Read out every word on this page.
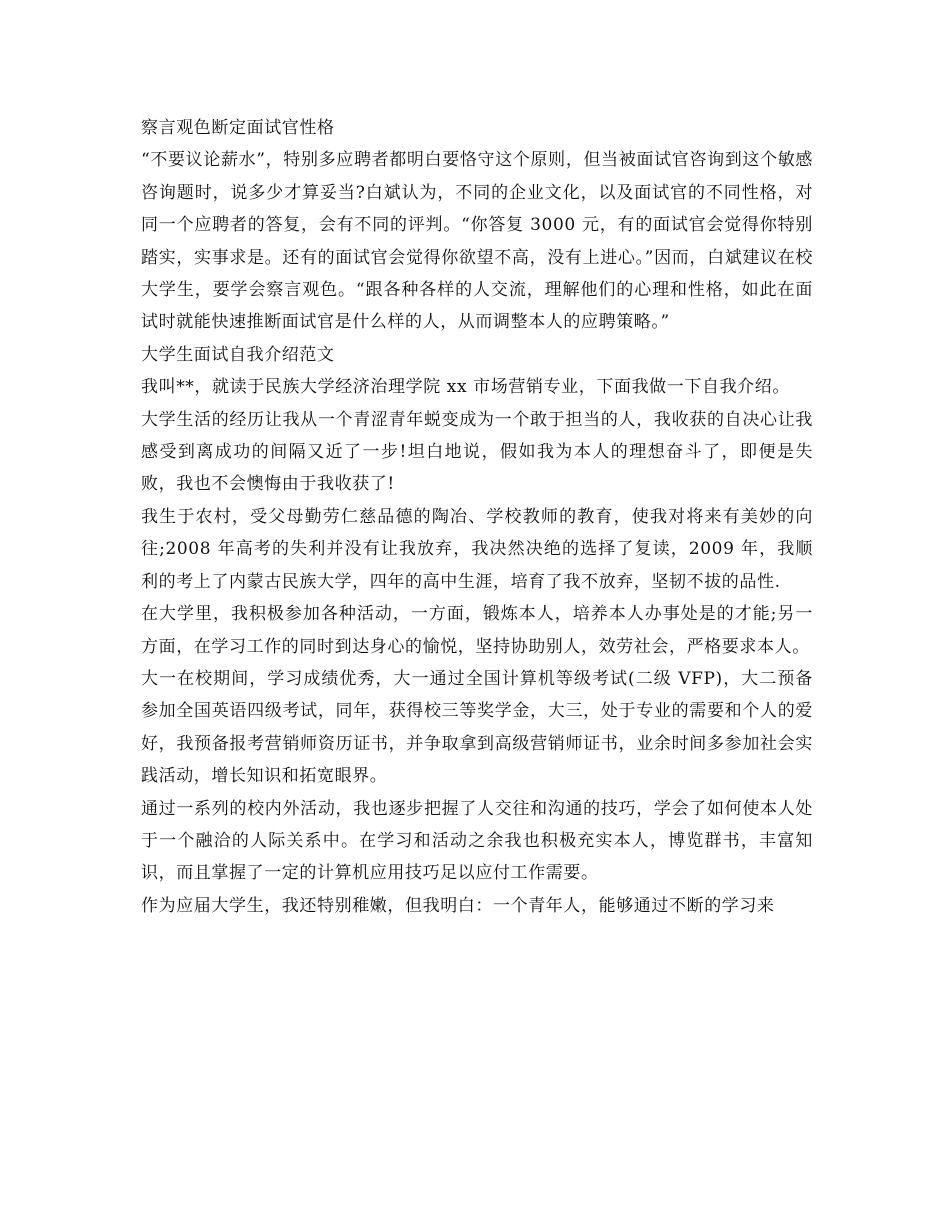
察言观色断定面试官性格

“不要议论薪水”，特别多应聘者都明白要恪守这个原则，但当被面试官咨询到这个敏感咨询题时，说多少才算妥当?白斌认为，不同的企业文化，以及面试官的不同性格，对同一个应聘者的答复，会有不同的评判。“你答复 3000 元，有的面试官会觉得你特别踏实，实事求是。还有的面试官会觉得你欲望不高，没有上进心。”因而，白斌建议在校大学生，要学会察言观色。“跟各种各样的人交流，理解他们的心理和性格，如此在面试时就能快速推断面试官是什么样的人，从而调整本人的应聘策略。”

大学生面试自我介绍范文

我叫**，就读于民族大学经济治理学院 xx 市场营销专业，下面我做一下自我介绍。

大学生活的经历让我从一个青涩青年蜕变成为一个敢于担当的人，我收获的自决心让我感受到离成功的间隔又近了一步!坦白地说，假如我为本人的理想奋斗了，即便是失败，我也不会懊悔由于我收获了!

我生于农村，受父母勤劳仁慈品德的陶冶、学校教师的教育，使我对将来有美妙的向往;2008 年高考的失利并没有让我放弃，我决然决绝的选择了复读，2009 年，我顺利的考上了内蒙古民族大学，四年的高中生涯，培育了我不放弃，坚韧不拔的品性.

在大学里，我积极参加各种活动，一方面，锻炼本人，培养本人办事处是的才能;另一方面，在学习工作的同时到达身心的愉悦，坚持协助别人，效劳社会，严格要求本人。

大一在校期间，学习成绩优秀，大一通过全国计算机等级考试(二级 VFP)，大二预备参加全国英语四级考试，同年，获得校三等奖学金，大三，处于专业的需要和个人的爱好，我预备报考营销师资历证书，并争取拿到高级营销师证书，业余时间多参加社会实践活动，增长知识和拓宽眼界。

通过一系列的校内外活动，我也逐步把握了人交往和沟通的技巧，学会了如何使本人处于一个融洽的人际关系中。在学习和活动之余我也积极充实本人，博览群书，丰富知识，而且掌握了一定的计算机应用技巧足以应付工作需要。

作为应届大学生，我还特别稚嫩，但我明白：一个青年人，能够通过不断的学习来
